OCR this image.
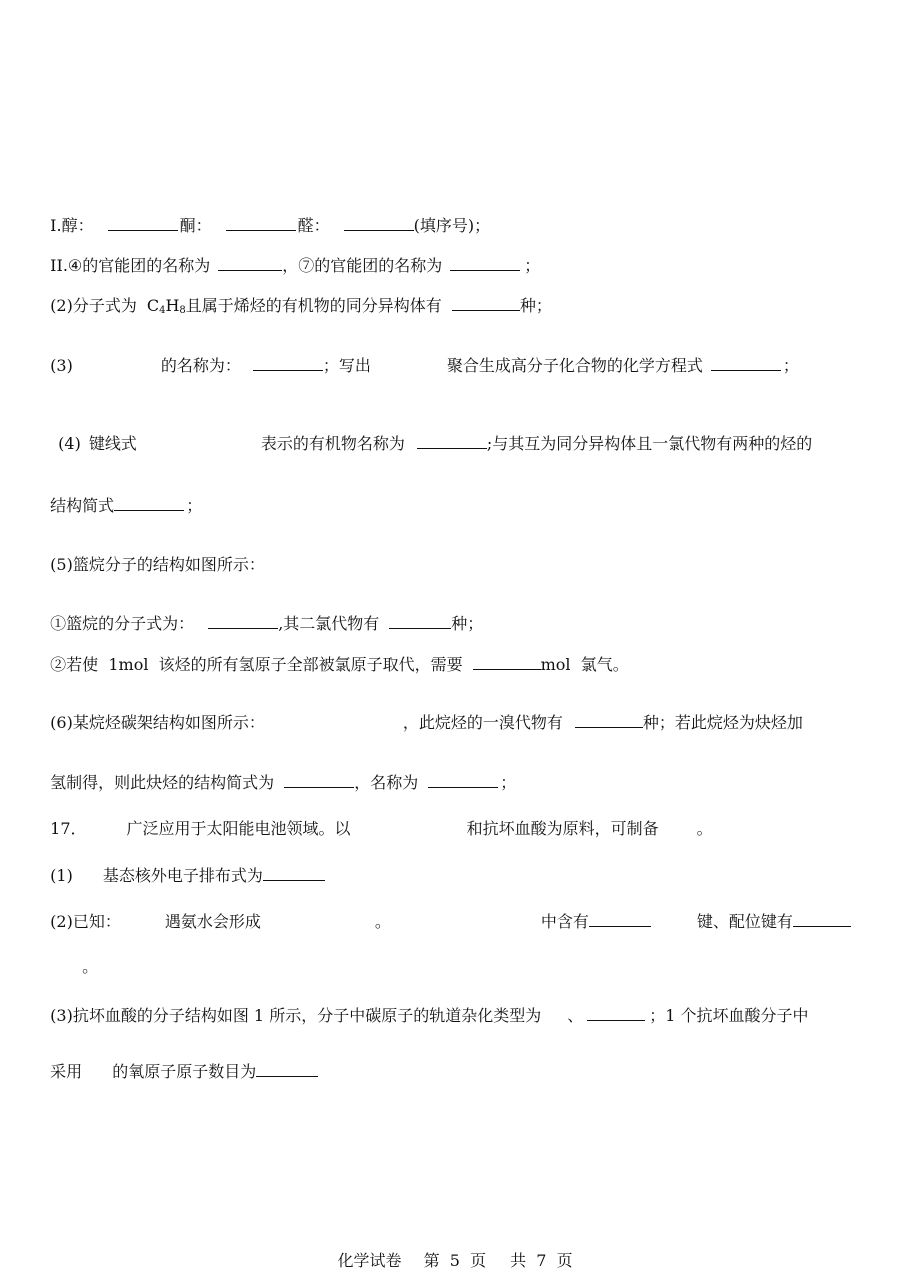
I.醇：	酮：	醛：	(填序号)；

II.④的官能团的名称为	，⑦的官能团的名称为	；

(2)分子式为 $C_4H_8$且属于烯烃的有机物的同分异构体有	种；

(3)	的名称为：	；写出	聚合生成高分子化合物的化学方程式	；

(4) 键线式	表示的有机物名称为	;与其互为同分异构体且一氯代物有两种的烃的

结构简式	；

(5)篮烷分子的结构如图所示：

①篮烷的分子式为：	,其二氯代物有	种；

②若使  1mol  该烃的所有氢原子全部被氯原子取代，需要	mol  氯气。

(6)某烷烃碳架结构如图所示：	，此烷烃的一溴代物有	种；若此烷烃为炔烃加

氢制得，则此炔烃的结构简式为	，名称为	；

17．	广泛应用于太阳能电池领域。以	和抗坏血酸为原料，可制备 。

(1) 基态核外电子排布式为

(2)已知：	遇氨水会形成	。	中含有	键、配位键有

。

(3)抗坏血酸的分子结构如图 1 所示，分子中碳原子的轨道杂化类型为 、	；1 个抗坏血酸分子中

采用 的氧原子原子数目为

化学试卷 第  5  页 共  7  页
